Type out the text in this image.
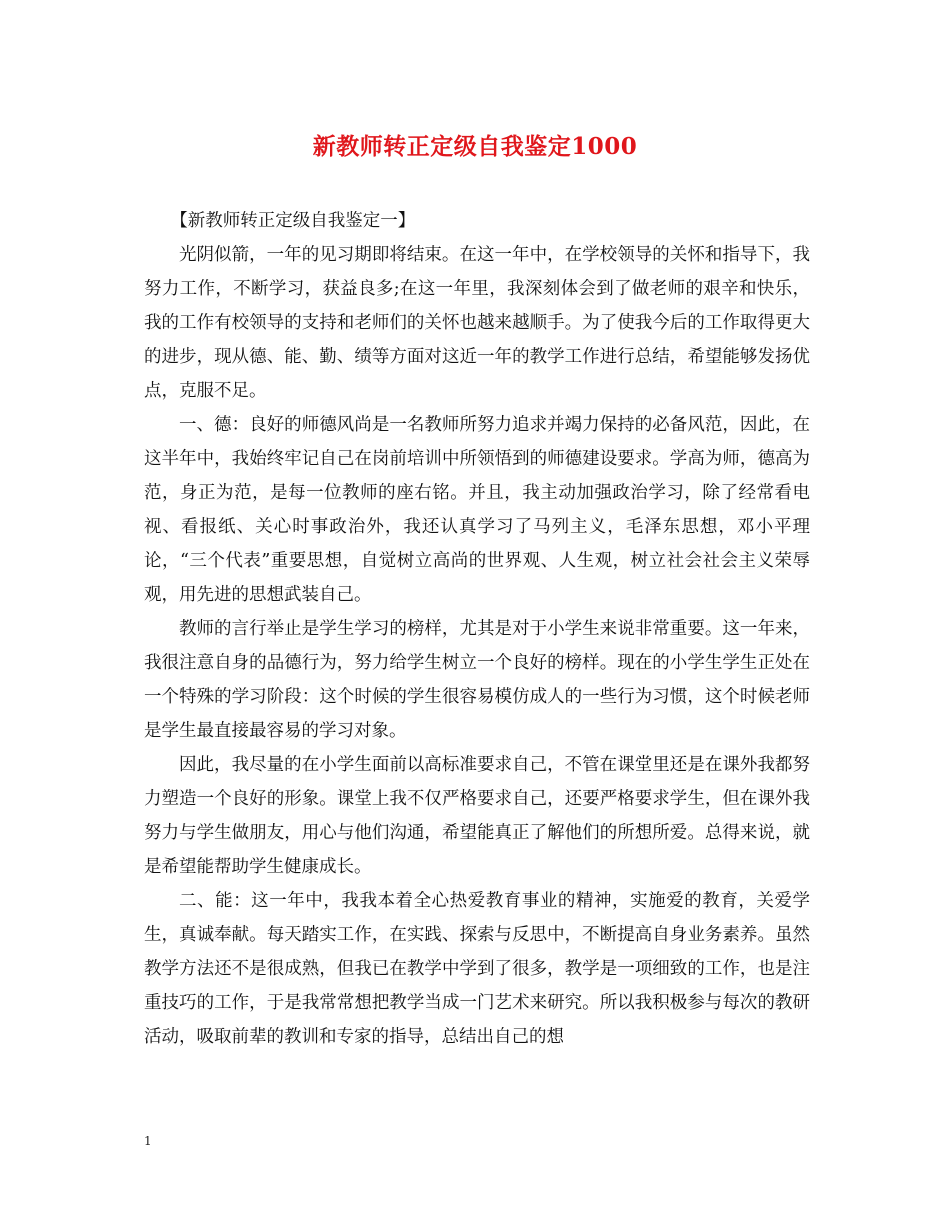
新教师转正定级自我鉴定1000

【新教师转正定级自我鉴定一】

光阴似箭，一年的见习期即将结束。在这一年中，在学校领导的关怀和指导下，我努力工作，不断学习，获益良多;在这一年里，我深刻体会到了做老师的艰辛和快乐，我的工作有校领导的支持和老师们的关怀也越来越顺手。为了使我今后的工作取得更大的进步，现从德、能、勤、绩等方面对这近一年的教学工作进行总结，希望能够发扬优点，克服不足。

一、德：良好的师德风尚是一名教师所努力追求并竭力保持的必备风范，因此，在这半年中，我始终牢记自己在岗前培训中所领悟到的师德建设要求。学高为师，德高为范，身正为范，是每一位教师的座右铭。并且，我主动加强政治学习，除了经常看电视、看报纸、关心时事政治外，我还认真学习了马列主义，毛泽东思想，邓小平理论，“三个代表”重要思想，自觉树立高尚的世界观、人生观，树立社会社会主义荣辱观，用先进的思想武装自己。

教师的言行举止是学生学习的榜样，尤其是对于小学生来说非常重要。这一年来，我很注意自身的品德行为，努力给学生树立一个良好的榜样。现在的小学生学生正处在一个特殊的学习阶段：这个时候的学生很容易模仿成人的一些行为习惯，这个时候老师是学生最直接最容易的学习对象。

因此，我尽量的在小学生面前以高标准要求自己，不管在课堂里还是在课外我都努力塑造一个良好的形象。课堂上我不仅严格要求自己，还要严格要求学生，但在课外我努力与学生做朋友，用心与他们沟通，希望能真正了解他们的所想所爱。总得来说，就是希望能帮助学生健康成长。

二、能：这一年中，我我本着全心热爱教育事业的精神，实施爱的教育，关爱学生，真诚奉献。每天踏实工作，在实践、探索与反思中，不断提高自身业务素养。虽然教学方法还不是很成熟，但我已在教学中学到了很多，教学是一项细致的工作，也是注重技巧的工作，于是我常常想把教学当成一门艺术来研究。所以我积极参与每次的教研活动，吸取前辈的教训和专家的指导，总结出自己的想

1
